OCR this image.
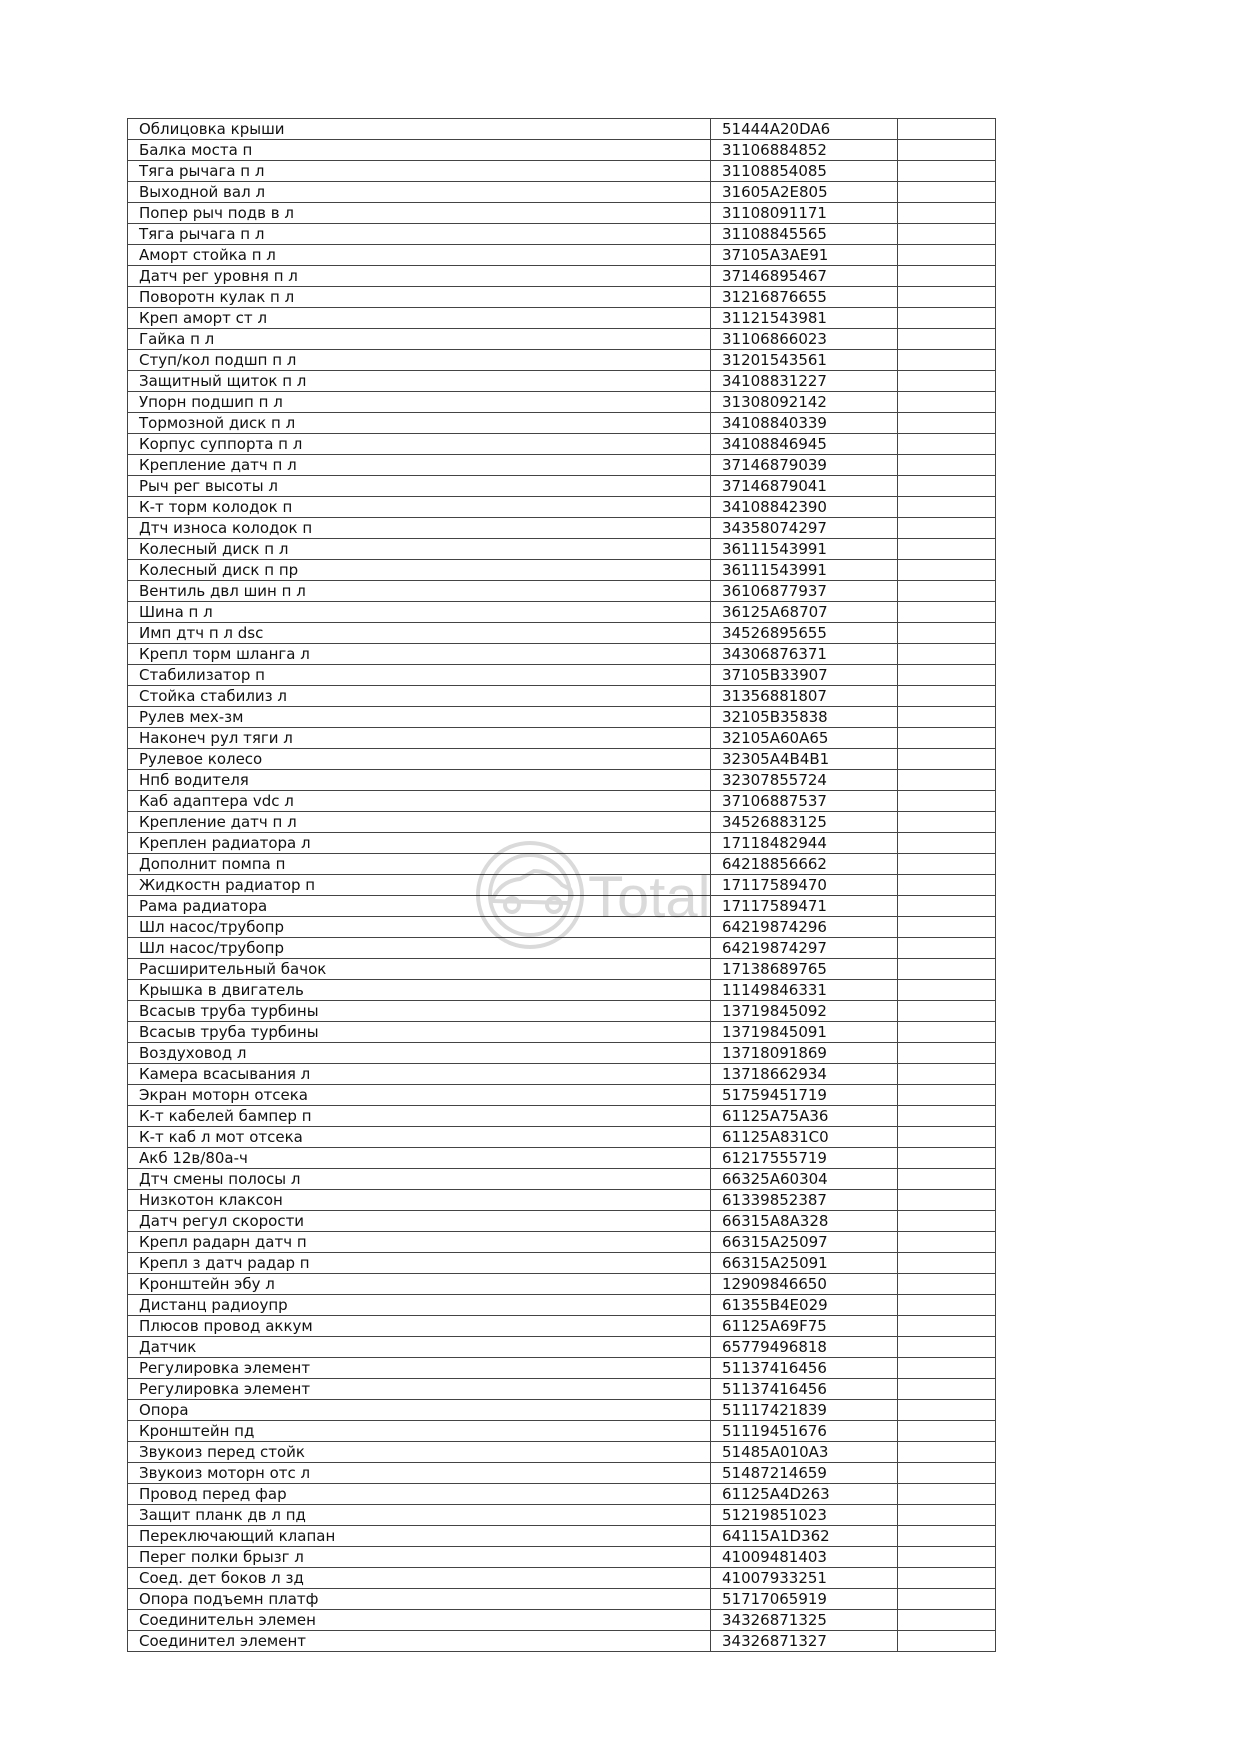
Облицовка крыши	51444A20DA6	
Балка моста п	31106884852	
Тяга рычага п л	31108854085	
Выходной вал л	31605A2E805	
Попер рыч подв в л	31108091171	
Тяга рычага п л	31108845565	
Аморт стойка п л	37105A3AE91	
Датч рег уровня п л	37146895467	
Поворотн кулак п л	31216876655	
Креп аморт ст л	31121543981	
Гайка п л	31106866023	
Ступ/кол подшп п л	31201543561	
Защитный щиток п л	34108831227	
Упорн подшип п л	31308092142	
Тормозной диск п л	34108840339	
Корпус суппорта п л	34108846945	
Крепление датч п л	37146879039	
Рыч рег высоты л	37146879041	
К-т торм колодок п	34108842390	
Дтч износа колодок п	34358074297	
Колесный диск п л	36111543991	
Колесный диск п пр	36111543991	
Вентиль двл шин п л	36106877937	
Шина п л	36125A68707	
Имп дтч п л dsc	34526895655	
Крепл торм шланга л	34306876371	
Стабилизатор п	37105B33907	
Стойка стабилиз л	31356881807	
Рулев мех-зм	32105B35838	
Наконеч рул тяги л	32105A60A65	
Рулевое колесо	32305A4B4B1	
Нпб водителя	32307855724	
Каб адаптера vdc л	37106887537	
Крепление датч п л	34526883125	
Креплен радиатора л	17118482944	
Дополнит помпа п	64218856662	
Жидкостн радиатор п	17117589470	
Рама радиатора	17117589471	
Шл насос/трубопр	64219874296	
Шл насос/трубопр	64219874297	
Расширительный бачок	17138689765	
Крышка в двигатель	11149846331	
Всасыв труба турбины	13719845092	
Всасыв труба турбины	13719845091	
Воздуховод л	13718091869	
Камера всасывания л	13718662934	
Экран моторн отсека	51759451719	
К-т кабелей бампер п	61125A75A36	
К-т каб л мот отсека	61125A831C0	
Акб 12в/80а-ч	61217555719	
Дтч смены полосы л	66325A60304	
Низкотон клаксон	61339852387	
Датч регул скорости	66315A8A328	
Крепл радарн датч п	66315A25097	
Крепл з датч радар п	66315A25091	
Кронштейн эбу л	12909846650	
Дистанц радиоупр	61355B4E029	
Плюсов провод аккум	61125A69F75	
Датчик	65779496818	
Регулировка элемент	51137416456	
Регулировка элемент	51137416456	
Опора	51117421839	
Кронштейн пд	51119451676	
Звукоиз перед стойк	51485A010A3	
Звукоиз моторн отс л	51487214659	
Провод перед фар	61125A4D263	
Защит планк дв л пд	51219851023	
Переключающий клапан	64115A1D362	
Перег полки брызг л	41009481403	
Соед. дет боков л зд	41007933251	
Опора подъемн платф	51717065919	
Соединительн элемен	34326871325	
Соединител элемент	34326871327	
Total
